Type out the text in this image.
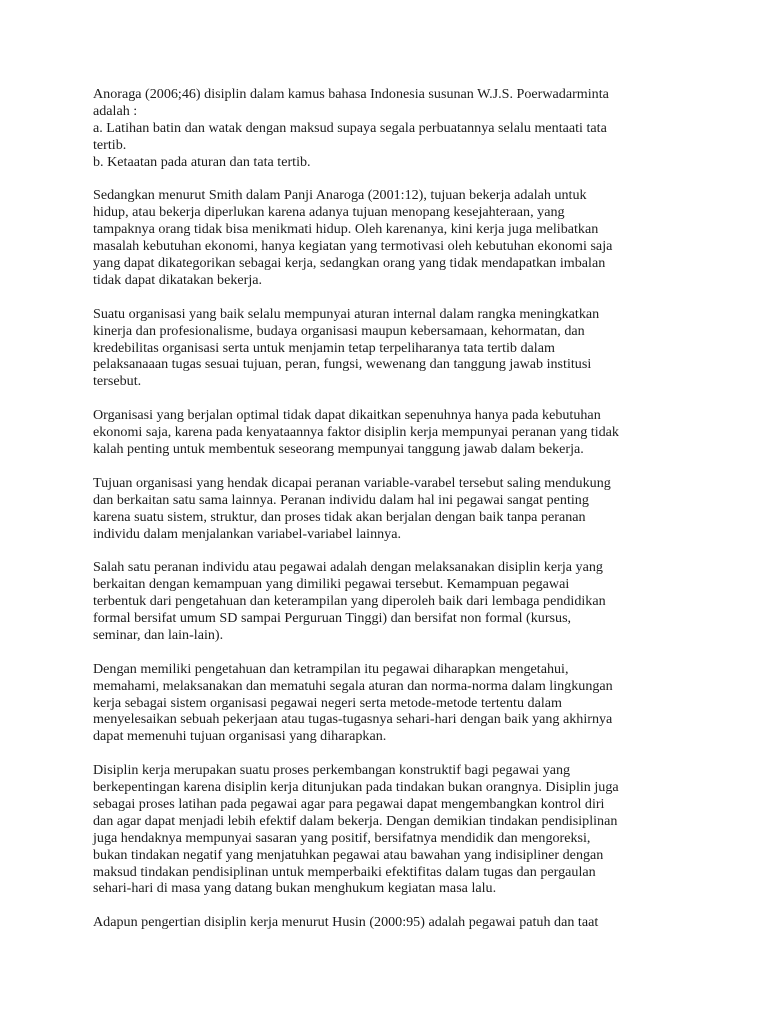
Anoraga (2006;46) disiplin dalam kamus bahasa Indonesia susunan W.J.S. Poerwadarminta
adalah :
a. Latihan batin dan watak dengan maksud supaya segala perbuatannya selalu mentaati tata
tertib.
b. Ketaatan pada aturan dan tata tertib.

Sedangkan menurut Smith dalam Panji Anaroga (2001:12), tujuan bekerja adalah untuk
hidup, atau bekerja diperlukan karena adanya tujuan menopang kesejahteraan, yang
tampaknya orang tidak bisa menikmati hidup. Oleh karenanya, kini kerja juga melibatkan
masalah kebutuhan ekonomi, hanya kegiatan yang termotivasi oleh kebutuhan ekonomi saja
yang dapat dikategorikan sebagai kerja, sedangkan orang yang tidak mendapatkan imbalan
tidak dapat dikatakan bekerja.

Suatu organisasi yang baik selalu mempunyai aturan internal dalam rangka meningkatkan
kinerja dan profesionalisme, budaya organisasi maupun kebersamaan, kehormatan, dan
kredebilitas organisasi serta untuk menjamin tetap terpeliharanya tata tertib dalam
pelaksanaaan tugas sesuai tujuan, peran, fungsi, wewenang dan tanggung jawab institusi
tersebut.

Organisasi yang berjalan optimal tidak dapat dikaitkan sepenuhnya hanya pada kebutuhan
ekonomi saja, karena pada kenyataannya faktor disiplin kerja mempunyai peranan yang tidak
kalah penting untuk membentuk seseorang mempunyai tanggung jawab dalam bekerja.

Tujuan organisasi yang hendak dicapai peranan variable-varabel tersebut saling mendukung
dan berkaitan satu sama lainnya. Peranan individu dalam hal ini pegawai sangat penting
karena suatu sistem, struktur, dan proses tidak akan berjalan dengan baik tanpa peranan
individu dalam menjalankan variabel-variabel lainnya.

Salah satu peranan individu atau pegawai adalah dengan melaksanakan disiplin kerja yang
berkaitan dengan kemampuan yang dimiliki pegawai tersebut. Kemampuan pegawai
terbentuk dari pengetahuan dan keterampilan yang diperoleh baik dari lembaga pendidikan
formal bersifat umum SD sampai Perguruan Tinggi) dan bersifat non formal (kursus,
seminar, dan lain-lain).

Dengan memiliki pengetahuan dan ketrampilan itu pegawai diharapkan mengetahui,
memahami, melaksanakan dan mematuhi segala aturan dan norma-norma dalam lingkungan
kerja sebagai sistem organisasi pegawai negeri serta metode-metode tertentu dalam
menyelesaikan sebuah pekerjaan atau tugas-tugasnya sehari-hari dengan baik yang akhirnya
dapat memenuhi tujuan organisasi yang diharapkan.

Disiplin kerja merupakan suatu proses perkembangan konstruktif bagi pegawai yang
berkepentingan karena disiplin kerja ditunjukan pada tindakan bukan orangnya. Disiplin juga
sebagai proses latihan pada pegawai agar para pegawai dapat mengembangkan kontrol diri
dan agar dapat menjadi lebih efektif dalam bekerja. Dengan demikian tindakan pendisiplinan
juga hendaknya mempunyai sasaran yang positif, bersifatnya mendidik dan mengoreksi,
bukan tindakan negatif yang menjatuhkan pegawai atau bawahan yang indisipliner dengan
maksud tindakan pendisiplinan untuk memperbaiki efektifitas dalam tugas dan pergaulan
sehari-hari di masa yang datang bukan menghukum kegiatan masa lalu.

Adapun pengertian disiplin kerja menurut Husin (2000:95) adalah pegawai patuh dan taat
